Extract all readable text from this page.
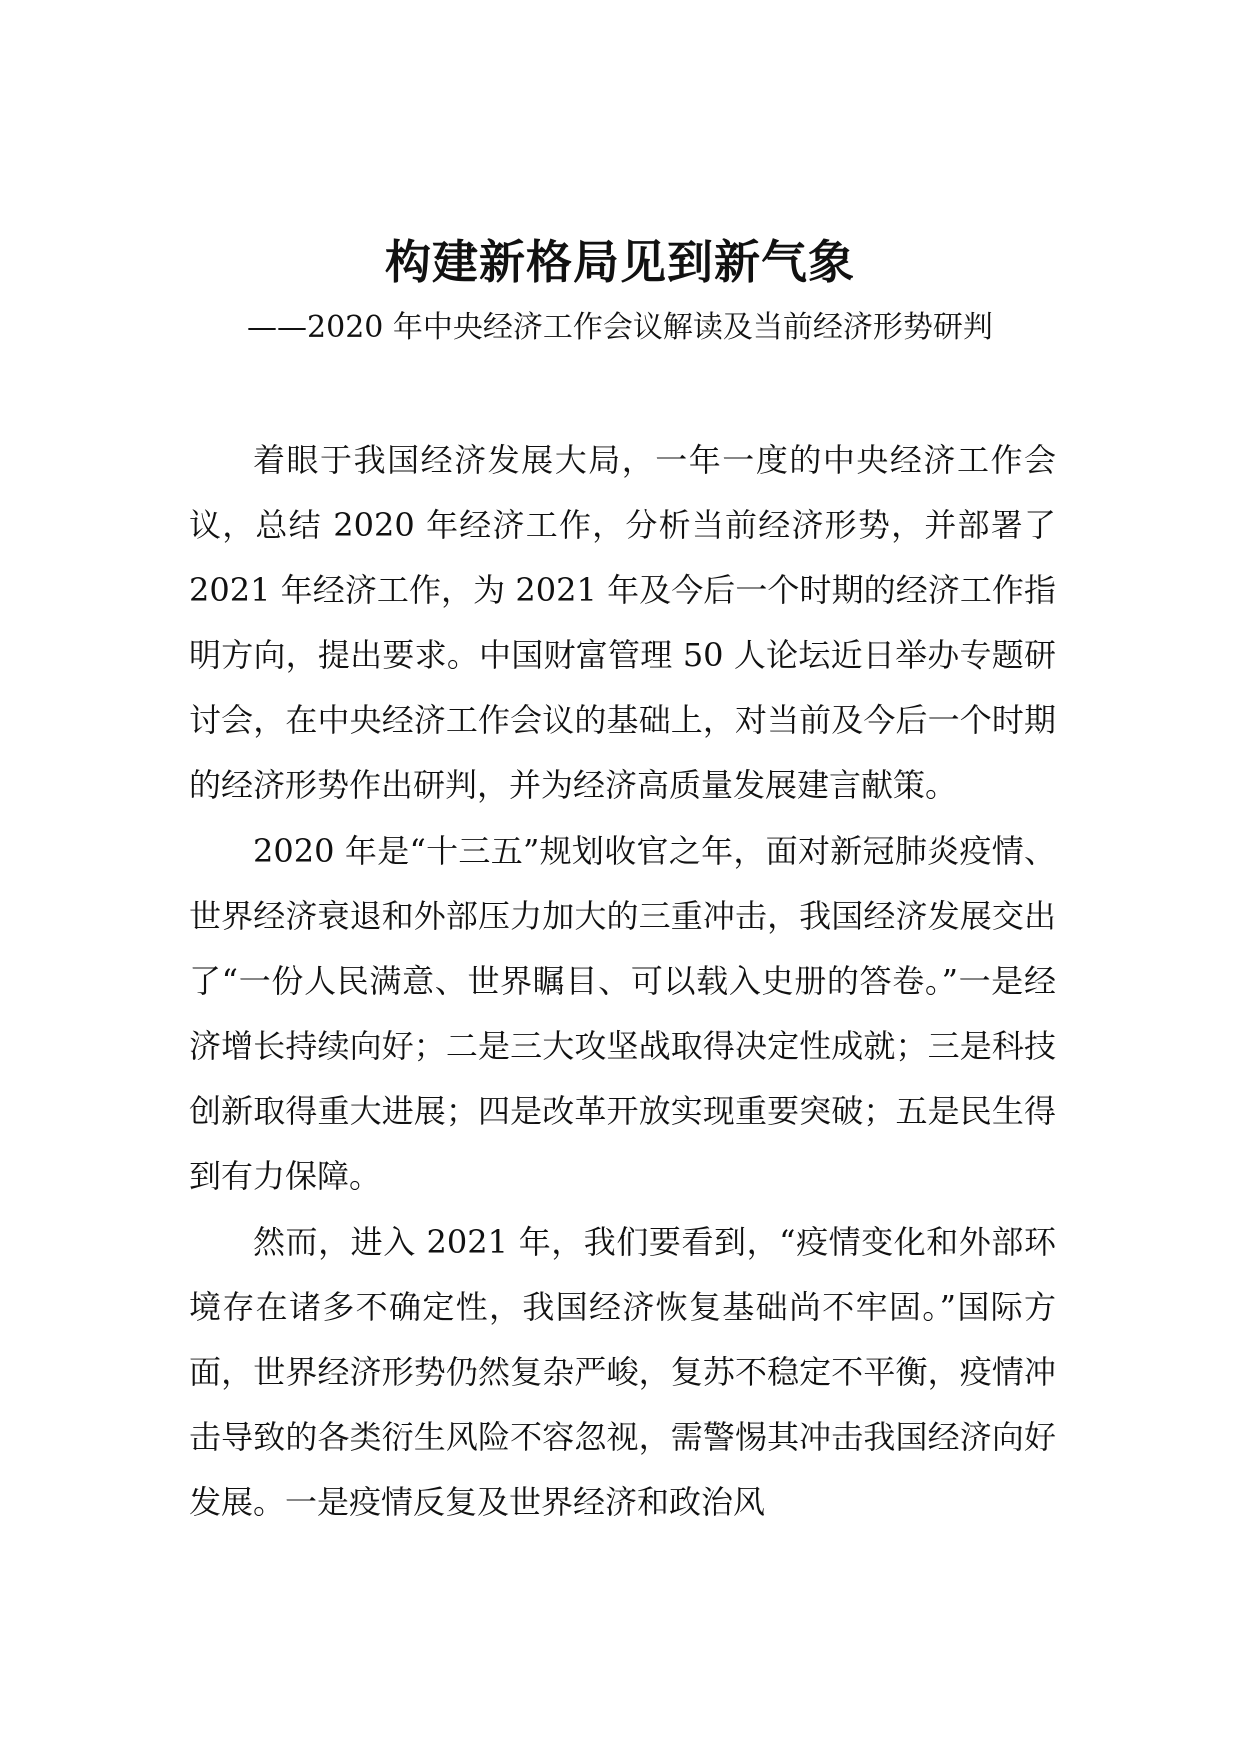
构建新格局见到新气象
——2020 年中央经济工作会议解读及当前经济形势研判

着眼于我国经济发展大局，一年一度的中央经济工作会议，总结 2020 年经济工作，分析当前经济形势，并部署了 2021 年经济工作，为 2021 年及今后一个时期的经济工作指明方向，提出要求。中国财富管理 50 人论坛近日举办专题研讨会，在中央经济工作会议的基础上，对当前及今后一个时期的经济形势作出研判，并为经济高质量发展建言献策。

2020 年是“十三五”规划收官之年，面对新冠肺炎疫情、世界经济衰退和外部压力加大的三重冲击，我国经济发展交出了“一份人民满意、世界瞩目、可以载入史册的答卷。”一是经济增长持续向好；二是三大攻坚战取得决定性成就；三是科技创新取得重大进展；四是改革开放实现重要突破；五是民生得到有力保障。

然而，进入 2021 年，我们要看到，“疫情变化和外部环境存在诸多不确定性，我国经济恢复基础尚不牢固。”国际方面，世界经济形势仍然复杂严峻，复苏不稳定不平衡，疫情冲击导致的各类衍生风险不容忽视，需警惕其冲击我国经济向好发展。一是疫情反复及世界经济和政治风
